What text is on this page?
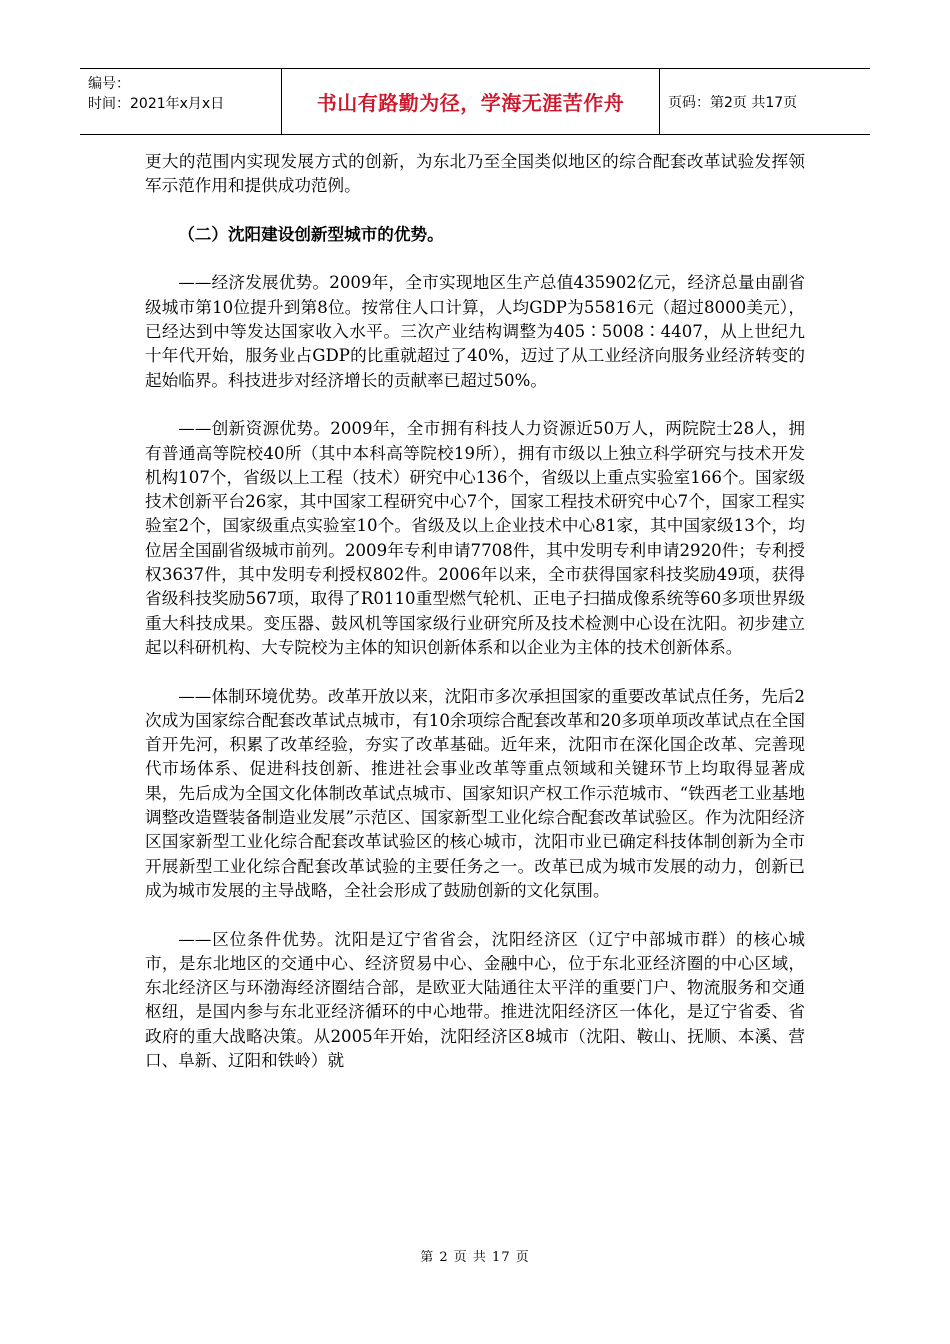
编号：
时间：2021年x月x日	书山有路勤为径，学海无涯苦作舟	页码：第2页 共17页

更大的范围内实现发展方式的创新，为东北乃至全国类似地区的综合配套改革试验发挥领军示范作用和提供成功范例。

（二）沈阳建设创新型城市的优势。

——经济发展优势。2009年，全市实现地区生产总值435902亿元，经济总量由副省级城市第10位提升到第8位。按常住人口计算，人均GDP为55816元（超过8000美元），已经达到中等发达国家收入水平。三次产业结构调整为405∶5008∶4407，从上世纪九十年代开始，服务业占GDP的比重就超过了40%，迈过了从工业经济向服务业经济转变的起始临界。科技进步对经济增长的贡献率已超过50%。

——创新资源优势。2009年，全市拥有科技人力资源近50万人，两院院士28人，拥有普通高等院校40所（其中本科高等院校19所），拥有市级以上独立科学研究与技术开发机构107个，省级以上工程（技术）研究中心136个，省级以上重点实验室166个。国家级技术创新平台26家，其中国家工程研究中心7个，国家工程技术研究中心7个，国家工程实验室2个，国家级重点实验室10个。省级及以上企业技术中心81家，其中国家级13个，均位居全国副省级城市前列。2009年专利申请7708件，其中发明专利申请2920件；专利授权3637件，其中发明专利授权802件。2006年以来，全市获得国家科技奖励49项，获得省级科技奖励567项，取得了R0110重型燃气轮机、正电子扫描成像系统等60多项世界级重大科技成果。变压器、鼓风机等国家级行业研究所及技术检测中心设在沈阳。初步建立起以科研机构、大专院校为主体的知识创新体系和以企业为主体的技术创新体系。

——体制环境优势。改革开放以来，沈阳市多次承担国家的重要改革试点任务，先后2次成为国家综合配套改革试点城市，有10余项综合配套改革和20多项单项改革试点在全国首开先河，积累了改革经验，夯实了改革基础。近年来，沈阳市在深化国企改革、完善现代市场体系、促进科技创新、推进社会事业改革等重点领域和关键环节上均取得显著成果，先后成为全国文化体制改革试点城市、国家知识产权工作示范城市、“铁西老工业基地调整改造暨装备制造业发展”示范区、国家新型工业化综合配套改革试验区。作为沈阳经济区国家新型工业化综合配套改革试验区的核心城市，沈阳市业已确定科技体制创新为全市开展新型工业化综合配套改革试验的主要任务之一。改革已成为城市发展的动力，创新已成为城市发展的主导战略，全社会形成了鼓励创新的文化氛围。

——区位条件优势。沈阳是辽宁省省会，沈阳经济区（辽宁中部城市群）的核心城市，是东北地区的交通中心、经济贸易中心、金融中心，位于东北亚经济圈的中心区域，东北经济区与环渤海经济圈结合部，是欧亚大陆通往太平洋的重要门户、物流服务和交通枢纽，是国内参与东北亚经济循环的中心地带。推进沈阳经济区一体化，是辽宁省委、省政府的重大战略决策。从2005年开始，沈阳经济区8城市（沈阳、鞍山、抚顺、本溪、营口、阜新、辽阳和铁岭）就

第 2 页 共 17 页
